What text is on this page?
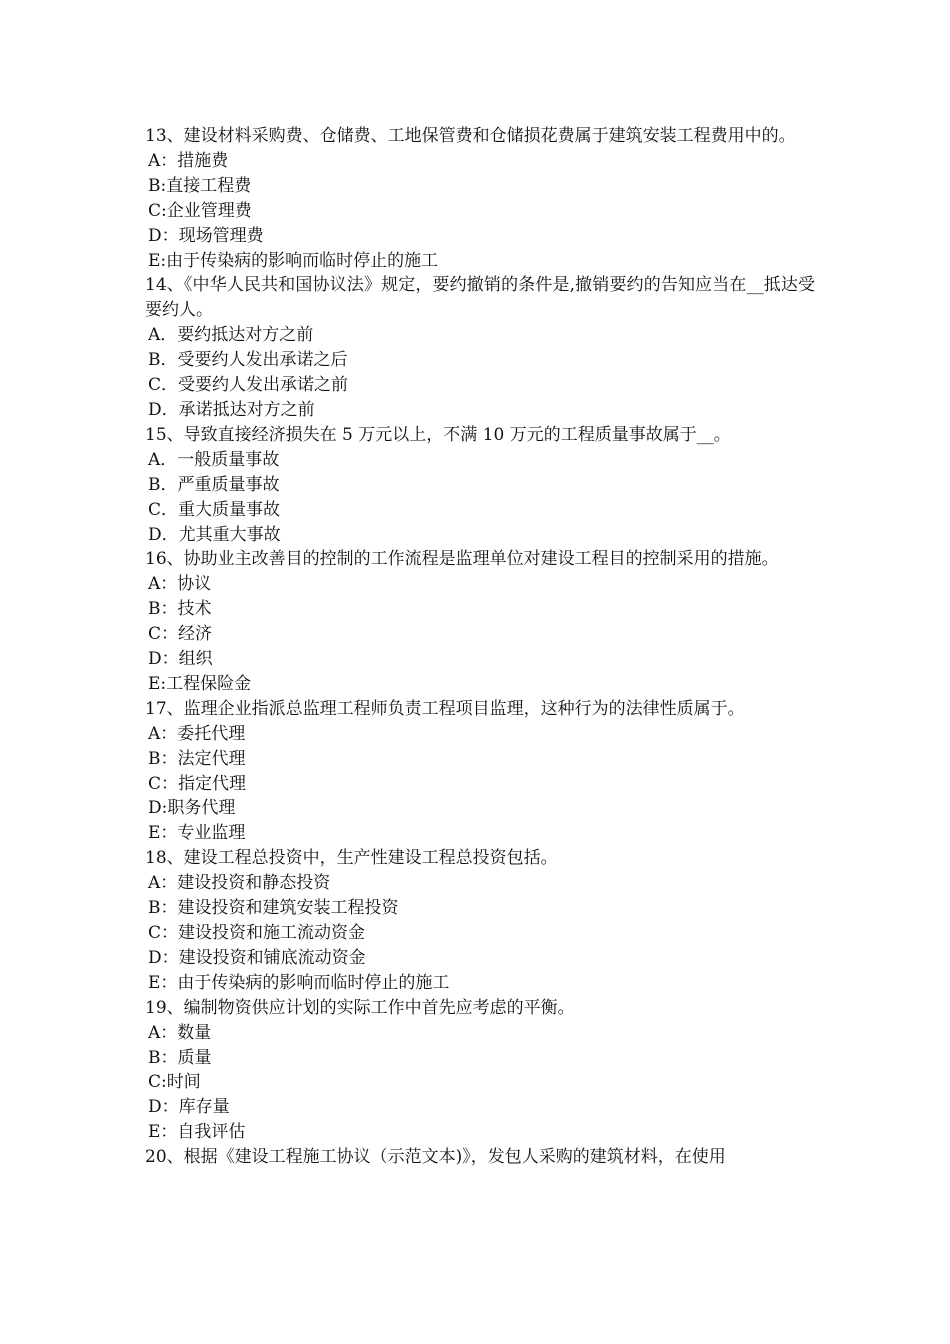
13、建设材料采购费、仓储费、工地保管费和仓储损花费属于建筑安装工程费用中的。

A：措施费

B:直接工程费

C:企业管理费

D：现场管理费

E:由于传染病的影响而临时停止的施工

14、《中华人民共和国协议法》规定，要约撤销的条件是,撤销要约的告知应当在__抵达受要约人。

A．要约抵达对方之前

B．受要约人发出承诺之后

C．受要约人发出承诺之前

D．承诺抵达对方之前

15、导致直接经济损失在 5 万元以上，不满 10 万元的工程质量事故属于__。

A．一般质量事故

B．严重质量事故

C．重大质量事故

D．尤其重大事故

16、协助业主改善目的控制的工作流程是监理单位对建设工程目的控制采用的措施。

A：协议

B：技术

C：经济

D：组织

E:工程保险金

17、监理企业指派总监理工程师负责工程项目监理，这种行为的法律性质属于。

A：委托代理

B：法定代理

C：指定代理

D:职务代理

E：专业监理

18、建设工程总投资中，生产性建设工程总投资包括。

A：建设投资和静态投资

B：建设投资和建筑安装工程投资

C：建设投资和施工流动资金

D：建设投资和铺底流动资金

E：由于传染病的影响而临时停止的施工

19、编制物资供应计划的实际工作中首先应考虑的平衡。

A：数量

B：质量

C:时间

D：库存量

E：自我评估

20、根据《建设工程施工协议（示范文本)》，发包人采购的建筑材料，在使用
